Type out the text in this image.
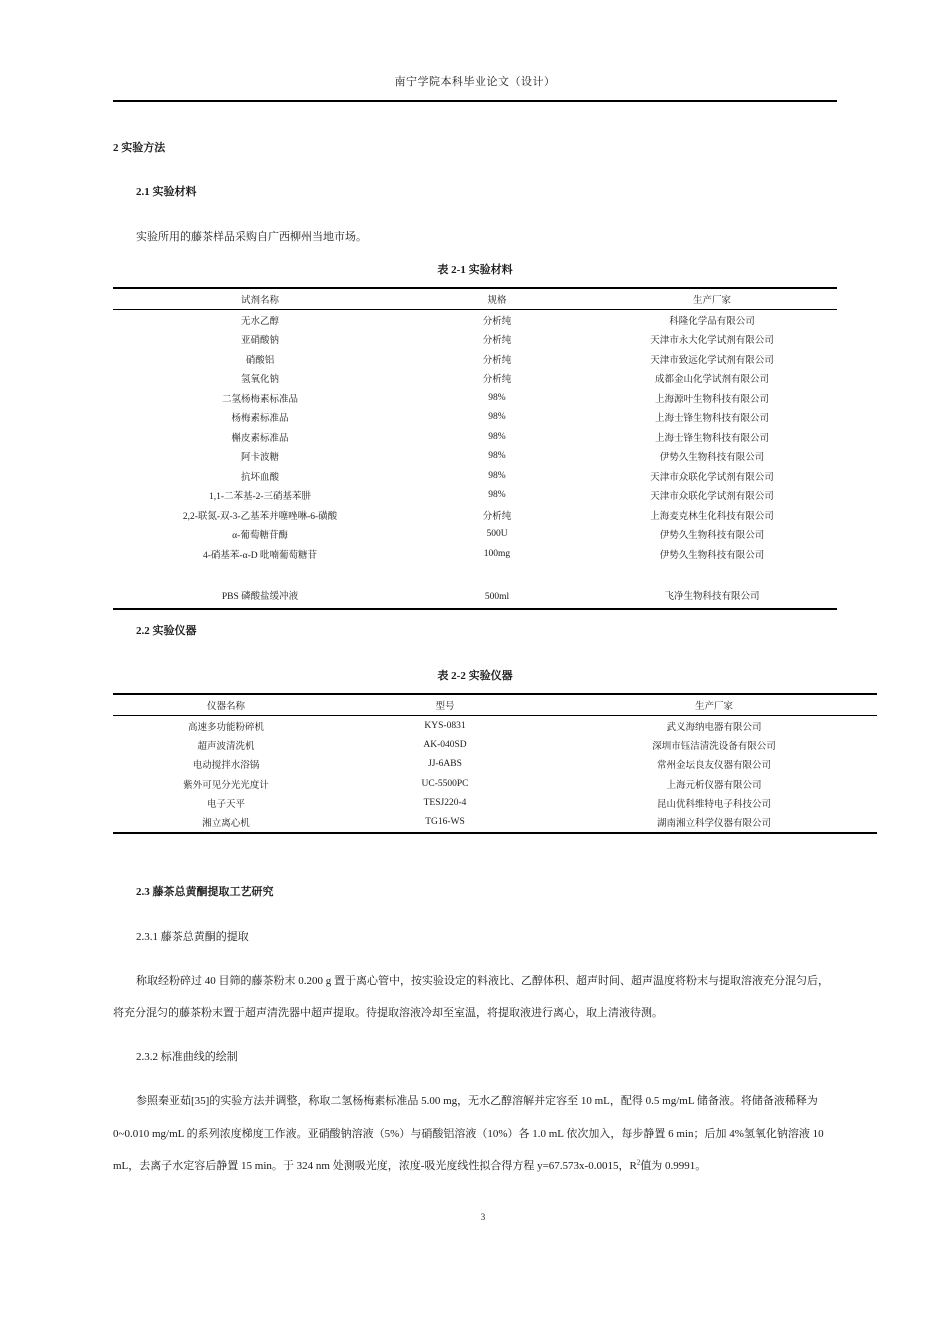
南宁学院本科毕业论文（设计）
2 实验方法
2.1 实验材料
实验所用的藤茶样品采购自广西柳州当地市场。
表 2-1 实验材料
试剂名称	规格	生产厂家
无水乙醇	分析纯	科隆化学品有限公司
亚硝酸钠	分析纯	天津市永大化学试剂有限公司
硝酸铝	分析纯	天津市致远化学试剂有限公司
氢氧化钠	分析纯	成都金山化学试剂有限公司
二氢杨梅素标准品	98%	上海源叶生物科技有限公司
杨梅素标准品	98%	上海士锋生物科技有限公司
槲皮素标准品	98%	上海士锋生物科技有限公司
阿卡波糖	98%	伊势久生物科技有限公司
抗坏血酸	98%	天津市众联化学试剂有限公司
1,1-二苯基-2-三硝基苯肼	98%	天津市众联化学试剂有限公司
2,2-联氮-双-3-乙基苯并噻唑啉-6-磺酸	分析纯	上海麦克林生化科技有限公司
α-葡萄糖苷酶	500U	伊势久生物科技有限公司
4-硝基苯-α-D 吡喃葡萄糖苷	100mg	伊势久生物科技有限公司
PBS 磷酸盐缓冲液	500ml	飞净生物科技有限公司
2.2 实验仪器
表 2-2 实验仪器
仪器名称	型号	生产厂家
高速多功能粉碎机	KYS-0831	武义海纳电器有限公司
超声波清洗机	AK-040SD	深圳市钰洁清洗设备有限公司
电动搅拌水浴锅	JJ-6ABS	常州金坛良友仪器有限公司
紫外可见分光光度计	UC-5500PC	上海元析仪器有限公司
电子天平	TESJ220-4	昆山优科维特电子科技公司
湘立离心机	TG16-WS	湖南湘立科学仪器有限公司
2.3 藤茶总黄酮提取工艺研究
2.3.1 藤茶总黄酮的提取
称取经粉碎过 40 目筛的藤茶粉末 0.200 g 置于离心管中，按实验设定的料液比、乙醇体积、超声时间、超声温度将粉末与提取溶液充分混匀后，
将充分混匀的藤茶粉末置于超声清洗器中超声提取。待提取溶液冷却至室温，将提取液进行离心，取上清液待测。
2.3.2 标准曲线的绘制
参照秦亚茹[35]的实验方法并调整，称取二氢杨梅素标准品 5.00 mg，无水乙醇溶解并定容至 10 mL，配得 0.5 mg/mL 储备液。将储备液稀释为
0~0.010 mg/mL 的系列浓度梯度工作液。亚硝酸钠溶液（5%）与硝酸铝溶液（10%）各 1.0 mL 依次加入，每步静置 6 min；后加 4%氢氧化钠溶液 10
mL，去离子水定容后静置 15 min。于 324 nm 处测吸光度，浓度-吸光度线性拟合得方程 y=67.573x-0.0015，$R^2$值为 0.9991。
3
